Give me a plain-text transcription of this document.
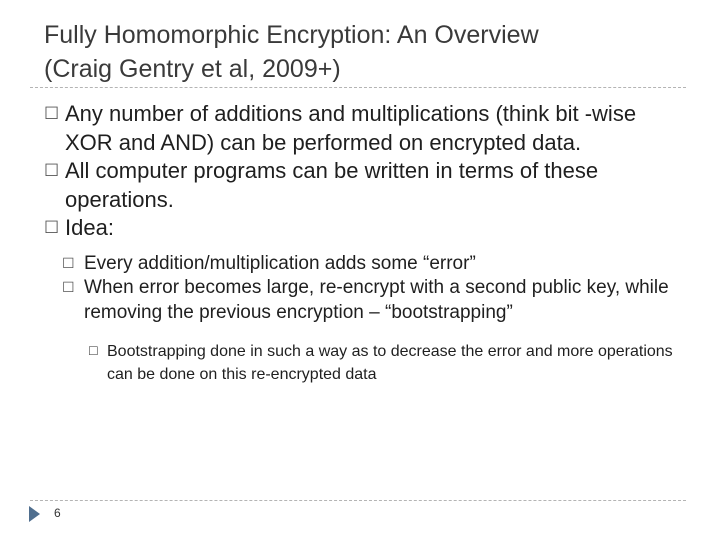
Fully Homomorphic Encryption: An Overview
(Craig Gentry et al, 2009+)
☐ Any number of additions and multiplications (think bit -wise XOR and AND) can be performed on encrypted data.
☐ All computer programs can be written in terms of these operations.
☐ Idea:
☐ Every addition/multiplication adds some “error”
☐ When error becomes large, re-encrypt with a second public key, while removing the previous encryption – “bootstrapping”
☐ Bootstrapping done in such a way as to decrease the error and more operations can be done on this re-encrypted data
6
